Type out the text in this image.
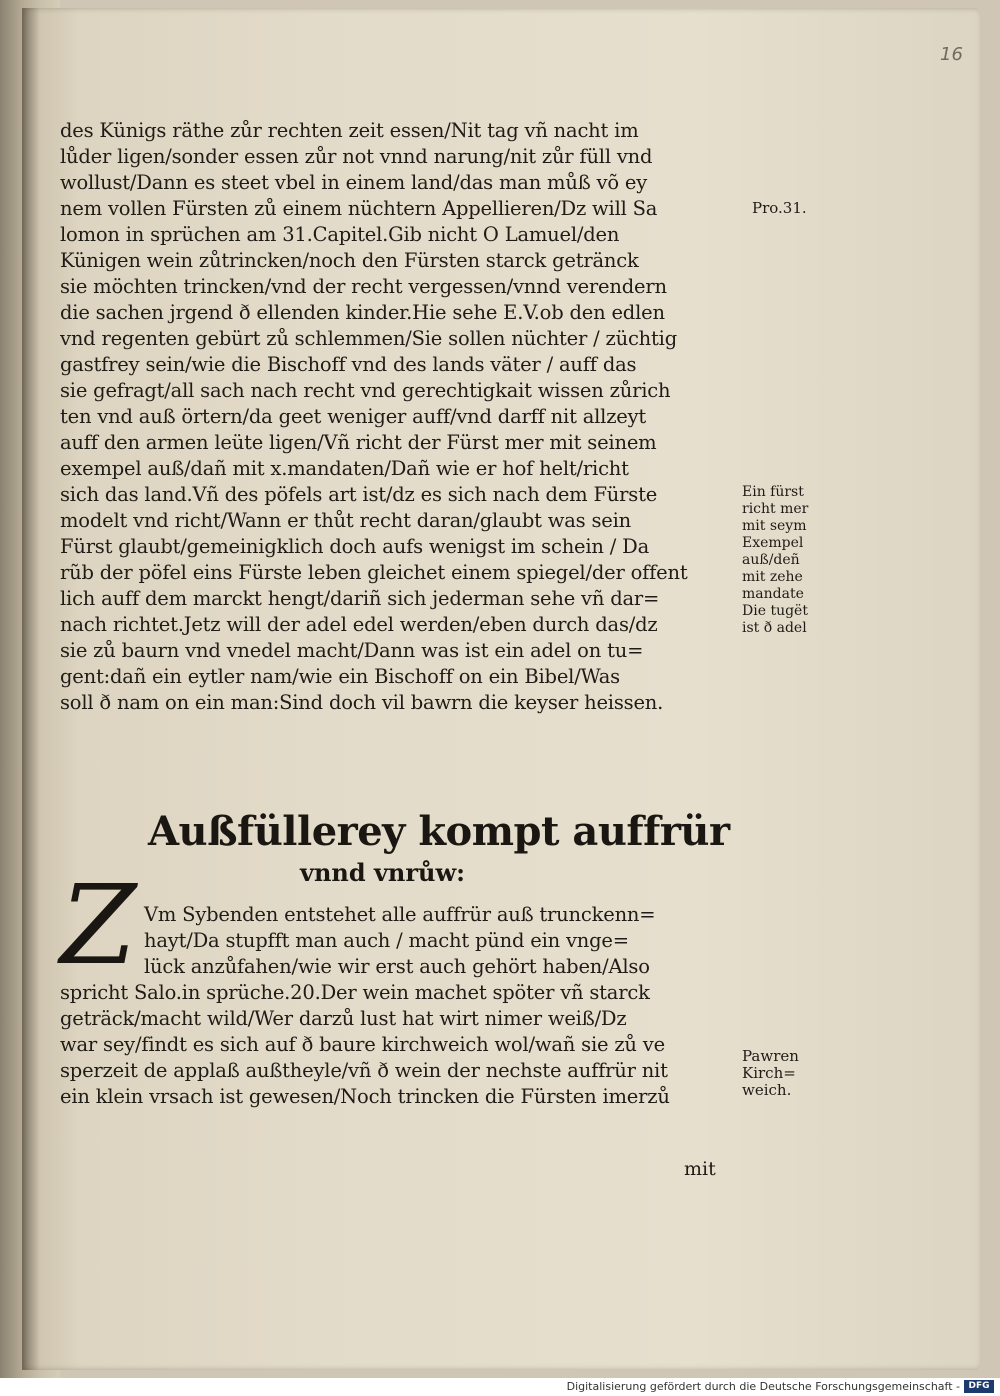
16
des Künigs räthe zůr rechten zeit essen/Nit tag vñ nacht im
lůder ligen/sonder essen zůr not vnnd narung/nit zůr füll vnd
wollust/Dann es steet vbel in einem land/das man můß võ ey
nem vollen Fürsten zů einem nüchtern Appellieren/Dz will Sa
lomon in sprüchen am 31.Capitel.Gib nicht O Lamuel/den
Künigen wein zůtrincken/noch den Fürsten starck getränck
sie möchten trincken/vnd der recht vergessen/vnnd verendern
die sachen jrgend ð ellenden kinder.Hie sehe E.V.ob den edlen
vnd regenten gebürt zů schlemmen/Sie sollen nüchter / züchtig
gastfrey sein/wie die Bischoff vnd des lands väter / auff das
sie gefragt/all sach nach recht vnd gerechtigkait wissen zůrich
ten vnd auß örtern/da geet weniger auff/vnd darff nit allzeyt
auff den armen leüte ligen/Vñ richt der Fürst mer mit seinem
exempel auß/dañ mit x.mandaten/Dañ wie er hof helt/richt
sich das land.Vñ des pöfels art ist/dz es sich nach dem Fürste
modelt vnd richt/Wann er thůt recht daran/glaubt was sein
Fürst glaubt/gemeinigklich doch aufs wenigst im schein / Da
rũb der pöfel eins Fürste leben gleichet einem spiegel/der offent
lich auff dem marckt hengt/dariñ sich jederman sehe vñ dar=
nach richtet.Jetz will der adel edel werden/eben durch das/dz
sie zů baurn vnd vnedel macht/Dann was ist ein adel on tu=
gent:dañ ein eytler nam/wie ein Bischoff on ein Bibel/Was
soll ð nam on ein man:Sind doch vil bawrn die keyser heissen.
Pro.31.
Ein fürst
richt mer
mit seym
Exempel
auß/deñ
mit zehe
mandate
Die tugët
ist ð adel
Außfüllerey kompt auffrür
vnnd vnrůw:
Z Vm Sybenden entstehet alle auffrür auß trunckenn=
hayt/Da stupfft man auch / macht pünd ein vnge=
lück anzůfahen/wie wir erst auch gehört haben/Also
spricht Salo.in sprüche.20.Der wein machet spöter vñ starck
geträck/macht wild/Wer darzů lust hat wirt nimer weiß/Dz
war sey/findt es sich auf ð baure kirchweich wol/wañ sie zů ve
sperzeit de applaß außtheyle/vñ ð wein der nechste auffrür nit
ein klein vrsach ist gewesen/Noch trincken die Fürsten imerzů
Pawren
Kirch=
weich.
mit
Digitalisierung gefördert durch die Deutsche Forschungsgemeinschaft - DFG
